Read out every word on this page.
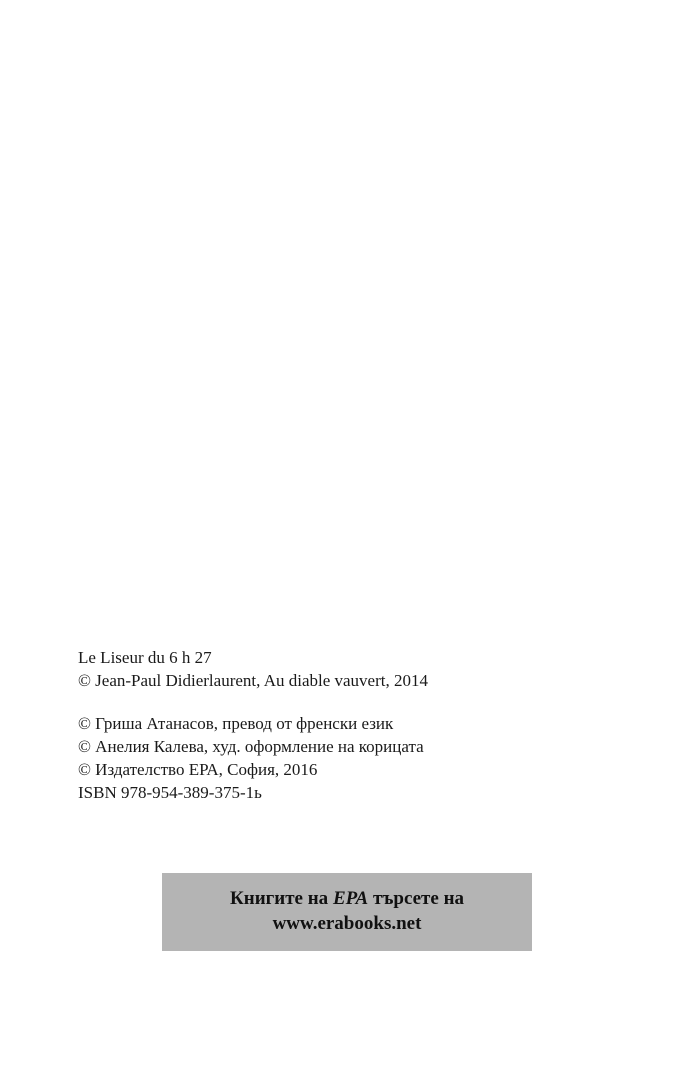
Le Liseur du 6 h 27
© Jean-Paul Didierlaurent, Au diable vauvert, 2014
© Гриша Атанасов, превод от френски език
© Анелия Калева, худ. оформление на корицата
© Издателство ЕРА, София, 2016
ISBN 978-954-389-375-1ь
Книгите на ЕРА търсете на
www.erabooks.net
